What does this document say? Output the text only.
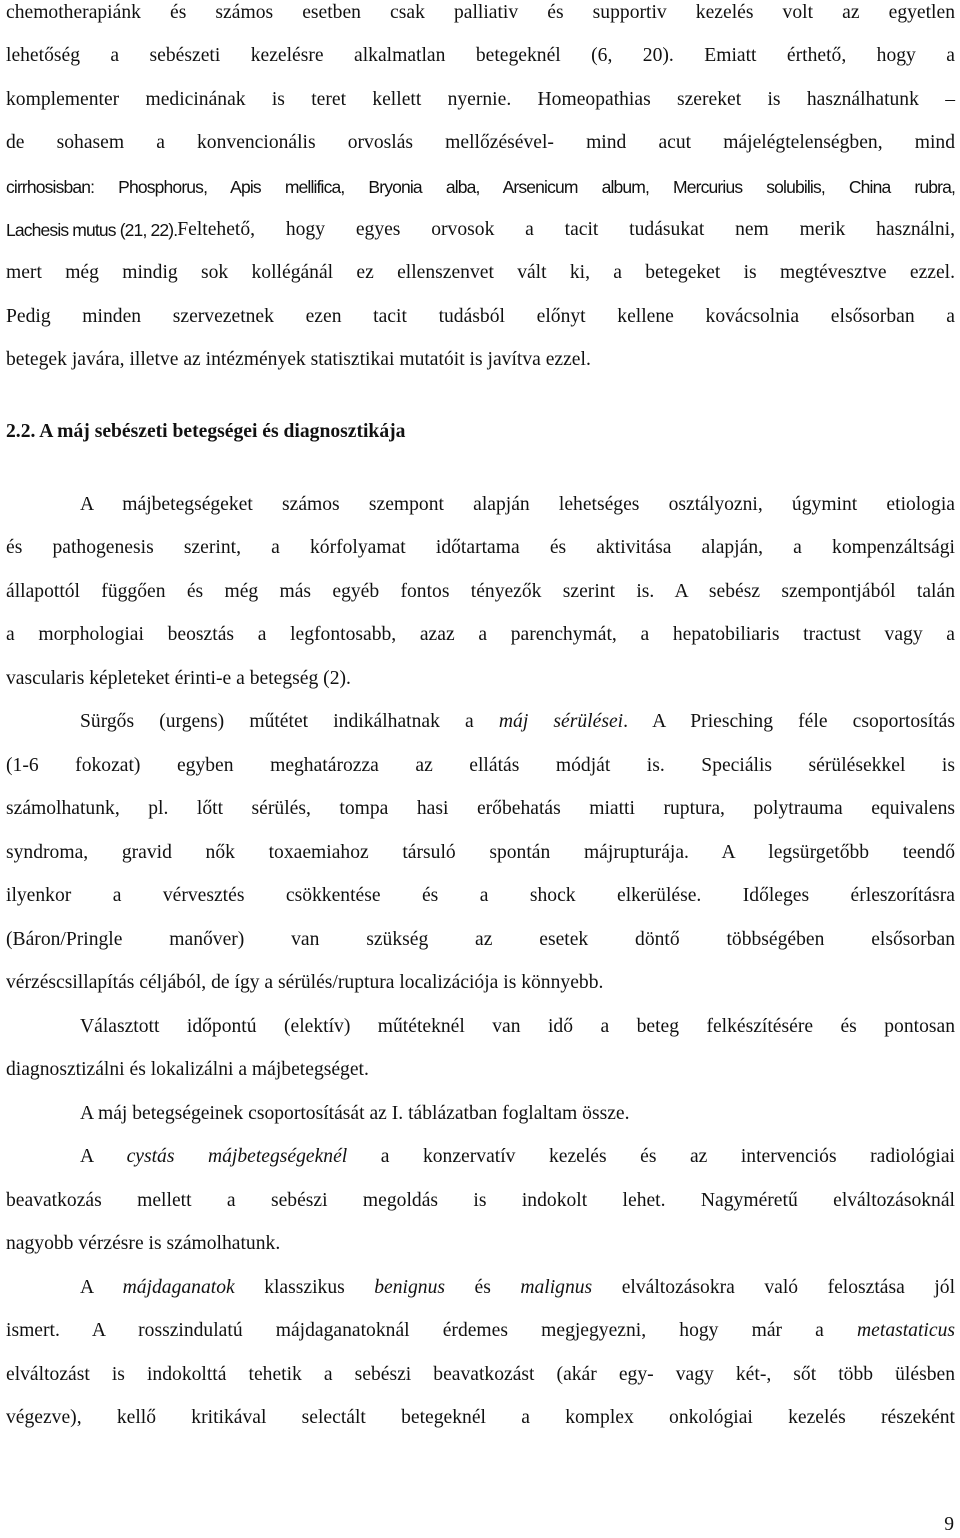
chemotherapiánk és számos esetben csak palliativ és supportiv kezelés volt az egyetlen
lehetőség a sebészeti kezelésre alkalmatlan betegeknél (6, 20). Emiatt érthető, hogy a
komplementer medicinának is teret kellett nyernie. Homeopathias szereket is használhatunk –
de sohasem a konvencionális orvoslás mellőzésével- mind acut májelégtelenségben, mind
cirrhosisban: Phosphorus, Apis mellifica, Bryonia alba, Arsenicum album, Mercurius solubilis, China rubra,
Lachesis mutus (21, 22). Feltehető, hogy egyes orvosok a tacit tudásukat nem merik használni,
mert még mindig sok kollégánál ez ellenszenvet vált ki, a betegeket is megtévesztve ezzel.
Pedig minden szervezetnek ezen tacit tudásból előnyt kellene kovácsolnia elsősorban a
betegek javára, illetve az intézmények statisztikai mutatóit is javítva ezzel.
2.2. A máj sebészeti betegségei és diagnosztikája
A májbetegségeket számos szempont alapján lehetséges osztályozni, úgymint etiologia
és pathogenesis szerint, a kórfolyamat időtartama és aktivitása alapján, a kompenzáltsági
állapottól függően és még más egyéb fontos tényezők szerint is. A sebész szempontjából talán
a morphologiai beosztás a legfontosabb, azaz a parenchymát, a hepatobiliaris tractust vagy a
vascularis képleteket érinti-e a betegség (2).
Sürgős (urgens) műtétet indikálhatnak a máj sérülései. A Priesching féle csoportosítás
(1-6 fokozat) egyben meghatározza az ellátás módját is. Speciális sérülésekkel is
számolhatunk, pl. lőtt sérülés, tompa hasi erőbehatás miatti ruptura, polytrauma equivalens
syndroma, gravid nők toxaemiahoz társuló spontán májrupturája. A legsürgetőbb teendő
ilyenkor a vérvesztés csökkentése és a shock elkerülése. Időleges érleszorításra
(Báron/Pringle manőver) van szükség az esetek döntő többségében elsősorban
vérzéscsillapítás céljából, de így a sérülés/ruptura localizációja is könnyebb.
Választott időpontú (elektív) műtéteknél van idő a beteg felkészítésére és pontosan
diagnosztizálni és lokalizálni a májbetegséget.
A máj betegségeinek csoportosítását az I. táblázatban foglaltam össze.
A cystás májbetegségeknél a konzervatív kezelés és az intervenciós radiológiai
beavatkozás mellett a sebészi megoldás is indokolt lehet. Nagyméretű elváltozásoknál
nagyobb vérzésre is számolhatunk.
A májdaganatok klasszikus benignus és malignus elváltozásokra való felosztása jól
ismert. A rosszindulatú májdaganatoknál érdemes megjegyezni, hogy már a metastaticus
elváltozást is indokolttá tehetik a sebészi beavatkozást (akár egy- vagy két-, sőt több ülésben
végezve), kellő kritikával selectált betegeknél a komplex onkológiai kezelés részeként
9
